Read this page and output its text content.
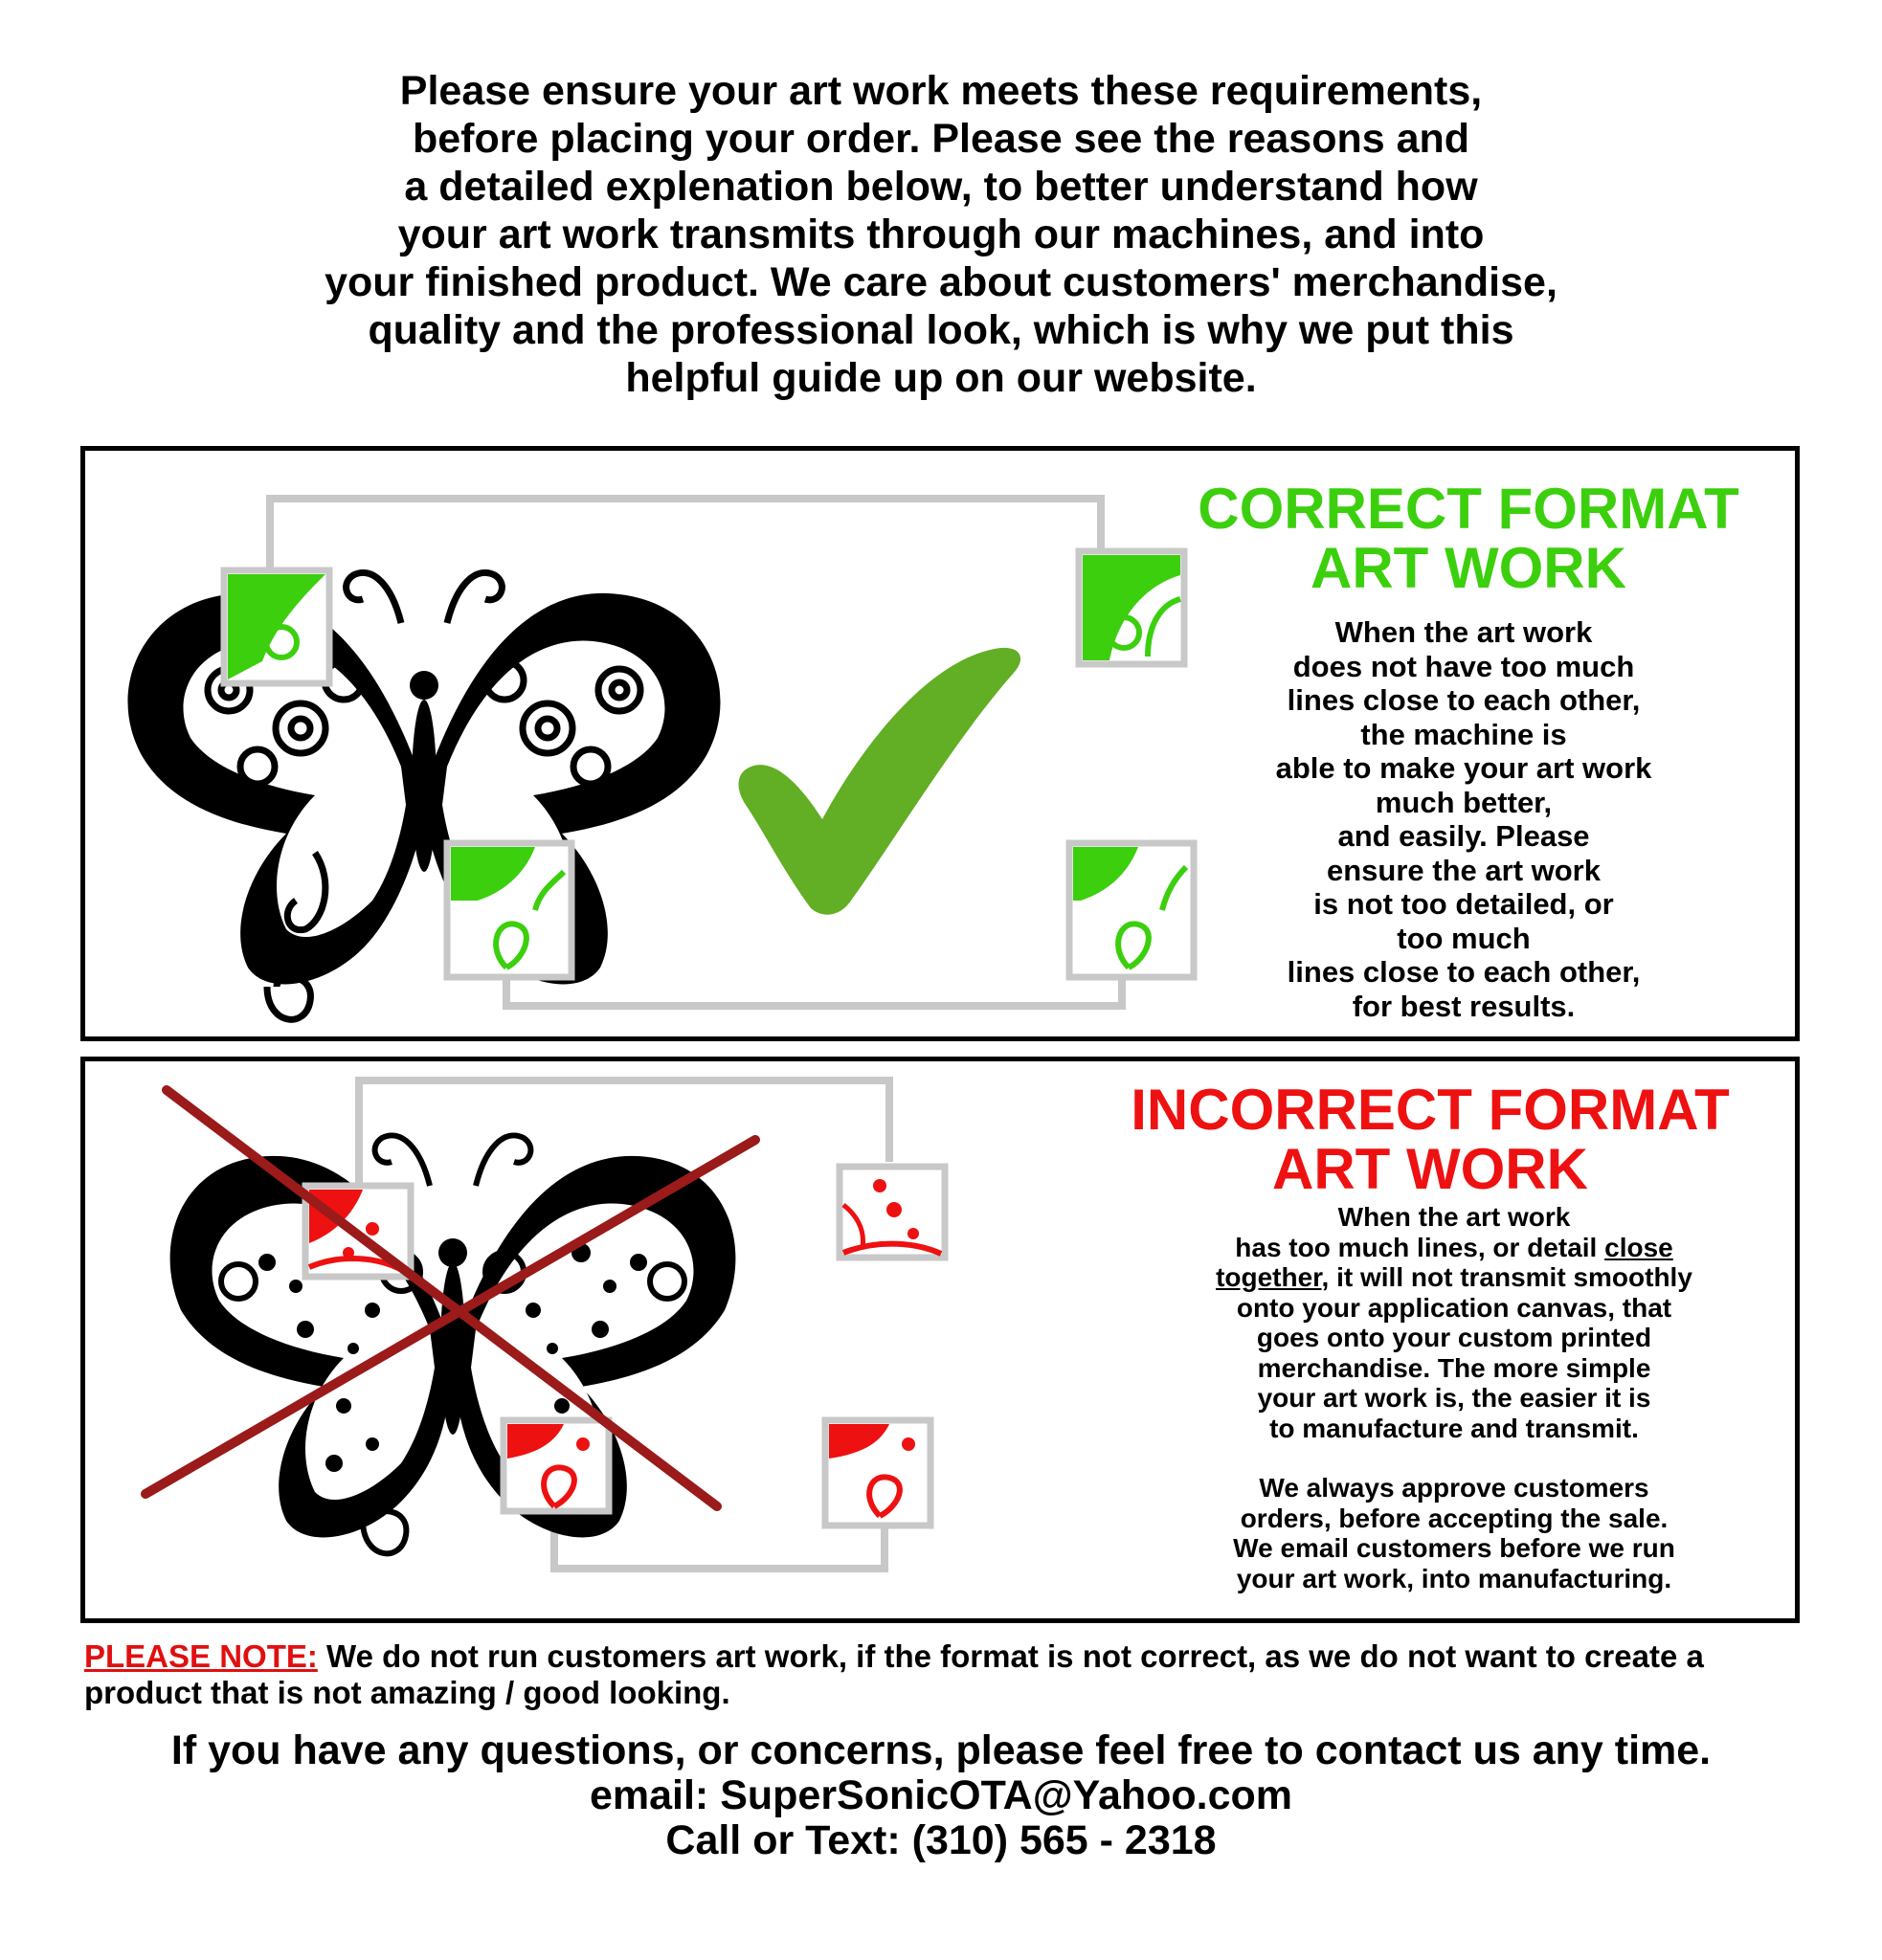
Please ensure your art work meets these requirements,
before placing your order. Please see the reasons and
a detailed explenation below, to better understand how
your art work transmits through our machines, and into
your finished product. We care about customers' merchandise,
quality and the professional look, which is why we put this
helpful guide up on our website.
CORRECT FORMAT
ART WORK
When the art work
does not have too much
lines close to each other,
the machine is
able to make your art work
much better,
and easily. Please
ensure the art work
is not too detailed, or
too much
lines close to each other,
for best results.
INCORRECT FORMAT
ART WORK
When the art work
has too much lines, or detail close
together, it will not transmit smoothly
onto your application canvas, that
goes onto your custom printed
merchandise. The more simple
your art work is, the easier it is
to manufacture and transmit.
We always approve customers
orders, before accepting the sale.
We email customers before we run
your art work, into manufacturing.
PLEASE NOTE: We do not run customers art work, if the format is not correct, as we do not want to create a product that is not amazing / good looking.
If you have any questions, or concerns, please feel free to contact us any time.
email: SuperSonicOTA@Yahoo.com
Call or Text: (310) 565 - 2318
